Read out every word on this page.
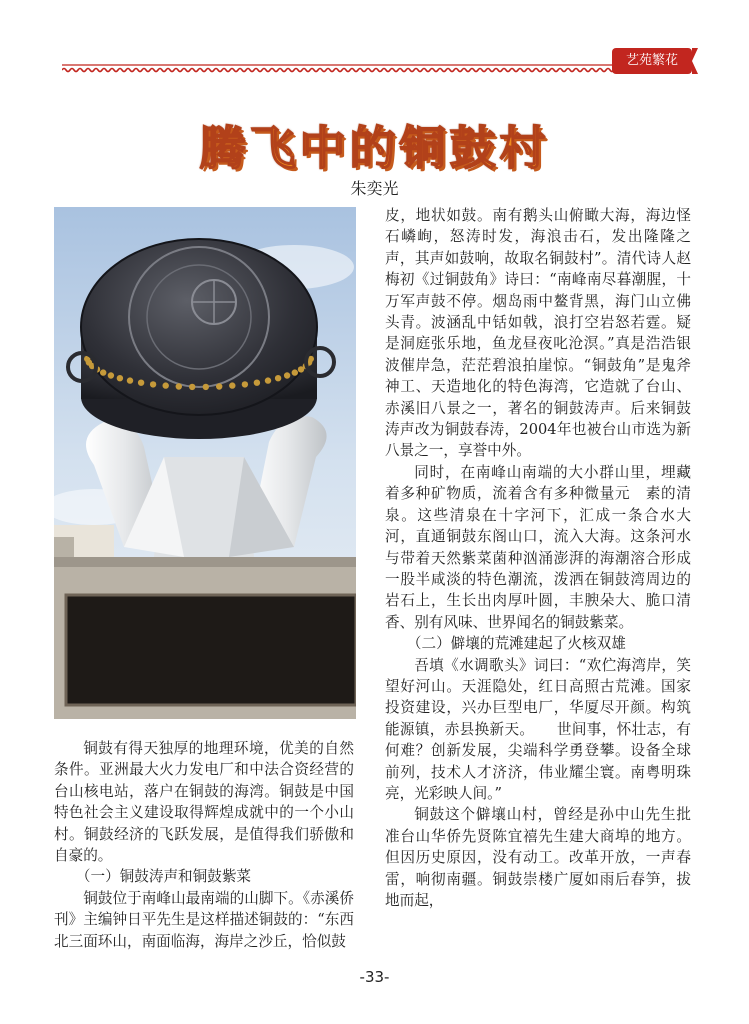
艺苑繁花
腾飞中的铜鼓村
朱奕光

铜鼓有得天独厚的地理环境，优美的自然条件。亚洲最大火力发电厂和中法合资经营的台山核电站，落户在铜鼓的海湾。铜鼓是中国特色社会主义建设取得辉煌成就中的一个小山村。铜鼓经济的飞跃发展，是值得我们骄傲和自豪的。

（一）铜鼓涛声和铜鼓紫菜

铜鼓位于南峰山最南端的山脚下。《赤溪侨刊》主编钟日平先生是这样描述铜鼓的：“东西北三面环山，南面临海，海岸之沙丘，恰似鼓

皮，地状如鼓。南有鹅头山俯瞰大海，海边怪石嶙峋，怒涛时发，海浪击石，发出隆隆之声，其声如鼓响，故取名铜鼓村”。清代诗人赵梅初《过铜鼓角》诗曰：“南峰南尽暮潮腥，十万军声鼓不停。烟岛雨中鳌背黑，海门山立佛头青。波涵乱中铦如戟，浪打空岩怒若霆。疑是洞庭张乐地，鱼龙昼夜叱沧溟。”真是浩浩银波催岸急，茫茫碧浪拍崖惊。“铜鼓角”是鬼斧神工、天造地化的特色海湾，它造就了台山、赤溪旧八景之一，著名的铜鼓涛声。后来铜鼓涛声改为铜鼓春涛，2004年也被台山市选为新八景之一，享誉中外。

同时，在南峰山南端的大小群山里，埋藏着多种矿物质，流着含有多种微量元　素的清泉。这些清泉在十字河下，汇成一条合水大河，直通铜鼓东阁山口，流入大海。这条河水与带着天然紫菜菌种汹涌澎湃的海潮溶合形成一股半咸淡的特色潮流，泼洒在铜鼓湾周边的岩石上，生长出肉厚叶圆，丰腴朵大、脆口清香、别有风味、世界闻名的铜鼓紫菜。

（二）僻壤的荒滩建起了火核双雄

吾填《水调歌头》词曰：“欢伫海湾岸，笑望好河山。天涯隐处，红日高照古荒滩。国家投资建设，兴办巨型电厂，华厦尽开颜。构筑能源镇，赤县换新天。　　世间事，怀壮志，有何难？创新发展，尖端科学勇登攀。设备全球前列，技术人才济济，伟业耀尘寰。南粤明珠亮，光彩映人间。”

铜鼓这个僻壤山村，曾经是孙中山先生批准台山华侨先贤陈宜禧先生建大商埠的地方。但因历史原因，没有动工。改革开放，一声春雷，响彻南疆。铜鼓崇楼广厦如雨后春笋，拔地而起，

-33-
